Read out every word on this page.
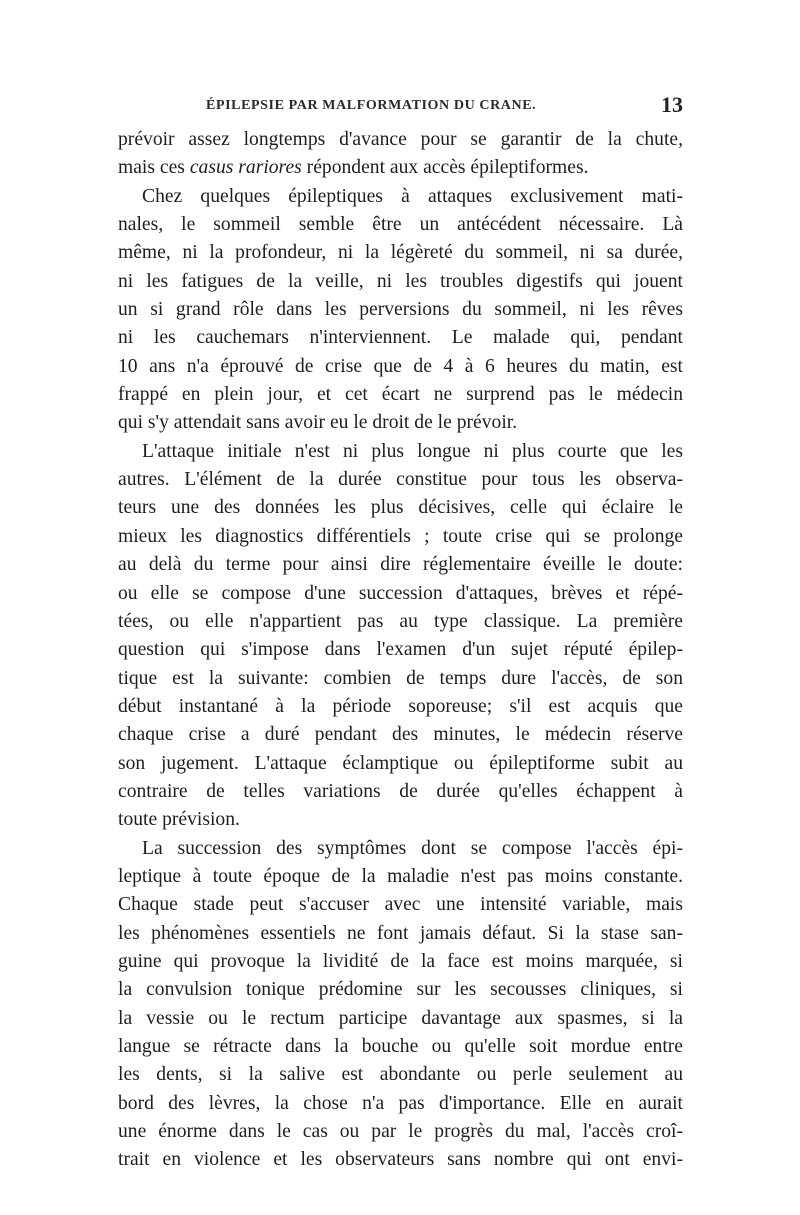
ÉPILEPSIE PAR MALFORMATION DU CRANE.	13
prévoir assez longtemps d'avance pour se garantir de la chute,
mais ces casus rariores répondent aux accès épileptiformes.
Chez quelques épileptiques à attaques exclusivement mati-
nales, le sommeil semble être un antécédent nécessaire. Là
même, ni la profondeur, ni la légèreté du sommeil, ni sa durée,
ni les fatigues de la veille, ni les troubles digestifs qui jouent
un si grand rôle dans les perversions du sommeil, ni les rêves
ni les cauchemars n'interviennent. Le malade qui, pendant
10 ans n'a éprouvé de crise que de 4 à 6 heures du matin, est
frappé en plein jour, et cet écart ne surprend pas le médecin
qui s'y attendait sans avoir eu le droit de le prévoir.
L'attaque initiale n'est ni plus longue ni plus courte que les
autres. L'élément de la durée constitue pour tous les observa-
teurs une des données les plus décisives, celle qui éclaire le
mieux les diagnostics différentiels ; toute crise qui se prolonge
au delà du terme pour ainsi dire réglementaire éveille le doute:
ou elle se compose d'une succession d'attaques, brèves et répé-
tées, ou elle n'appartient pas au type classique. La première
question qui s'impose dans l'examen d'un sujet réputé épilep-
tique est la suivante: combien de temps dure l'accès, de son
début instantané à la période soporeuse; s'il est acquis que
chaque crise a duré pendant des minutes, le médecin réserve
son jugement. L'attaque éclamptique ou épileptiforme subit au
contraire de telles variations de durée qu'elles échappent à
toute prévision.
La succession des symptômes dont se compose l'accès épi-
leptique à toute époque de la maladie n'est pas moins constante.
Chaque stade peut s'accuser avec une intensité variable, mais
les phénomènes essentiels ne font jamais défaut. Si la stase san-
guine qui provoque la lividité de la face est moins marquée, si
la convulsion tonique prédomine sur les secousses cliniques, si
la vessie ou le rectum participe davantage aux spasmes, si la
langue se rétracte dans la bouche ou qu'elle soit mordue entre
les dents, si la salive est abondante ou perle seulement au
bord des lèvres, la chose n'a pas d'importance. Elle en aurait
une énorme dans le cas ou par le progrès du mal, l'accès croî-
trait en violence et les observateurs sans nombre qui ont envi-
